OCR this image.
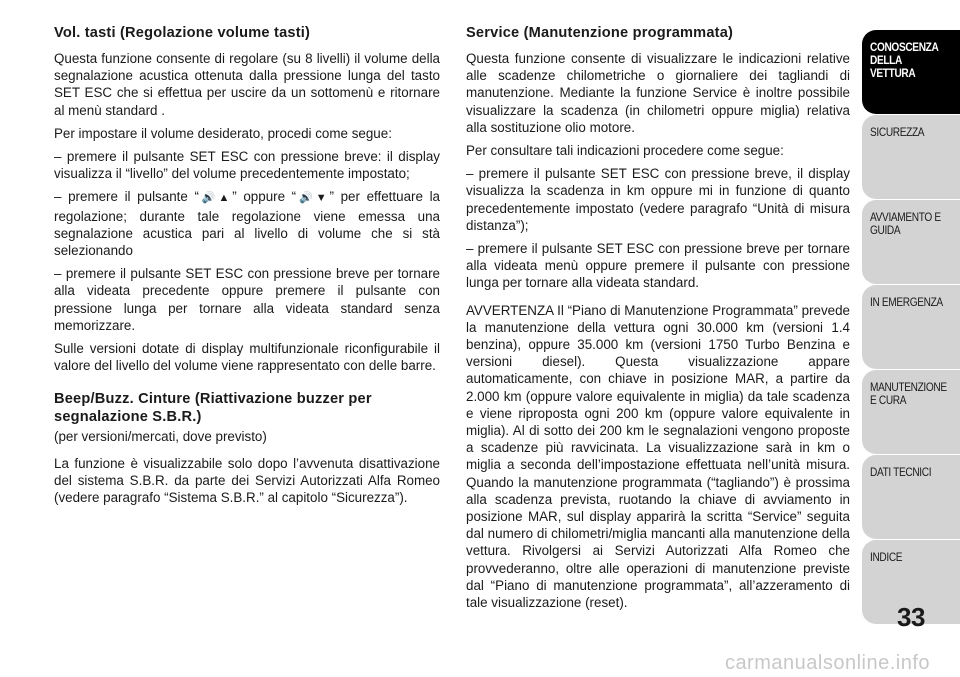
Vol. tasti (Regolazione volume tasti)

Questa funzione consente di regolare (su 8 livelli) il volume della segnalazione acustica ottenuta dalla pressione lunga del tasto SET ESC che si effettua per uscire da un sottomenù e ritornare al menù standard .

Per impostare il volume desiderato, procedi come segue:

– premere il pulsante SET ESC con pressione breve: il display visualizza il “livello” del volume precedentemente impostato;

– premere il pulsante “🔊▲” oppure “🔊▼” per effettuare la regolazione; durante tale regolazione viene emessa una segnalazione acustica pari al livello di volume che si stà selezionando

– premere il pulsante SET ESC con pressione breve per tornare alla videata precedente oppure premere il pulsante con pressione lunga per tornare alla videata standard senza memorizzare.

Sulle versioni dotate di display multifunzionale riconfigurabile il valore del livello del volume viene rappresentato con delle barre.

Beep/Buzz. Cinture (Riattivazione buzzer per segnalazione S.B.R.)

(per versioni/mercati, dove previsto)

La funzione è visualizzabile solo dopo l’avvenuta disattivazione del sistema S.B.R. da parte dei Servizi Autorizzati Alfa Romeo (vedere paragrafo “Sistema S.B.R.” al capitolo “Sicurezza”).

Service (Manutenzione programmata)

Questa funzione consente di visualizzare le indicazioni relative alle scadenze chilometriche o giornaliere dei tagliandi di manutenzione. Mediante la funzione Service è inoltre possibile visualizzare la scadenza (in chilometri oppure miglia) relativa alla sostituzione olio motore.

Per consultare tali indicazioni procedere come segue:

– premere il pulsante SET ESC con pressione breve, il display visualizza la scadenza in km oppure mi in funzione di quanto precedentemente impostato (vedere paragrafo “Unità di misura distanza”);

– premere il pulsante SET ESC con pressione breve per tornare alla videata menù oppure premere il pulsante con pressione lunga per tornare alla videata standard.

AVVERTENZA Il “Piano di Manutenzione Programmata” prevede la manutenzione della vettura ogni 30.000 km (versioni 1.4 benzina), oppure 35.000 km (versioni 1750 Turbo Benzina e versioni diesel). Questa visualizzazione appare automaticamente, con chiave in posizione MAR, a partire da 2.000 km (oppure valore equivalente in miglia) da tale scadenza e viene riproposta ogni 200 km (oppure valore equivalente in miglia). Al di sotto dei 200 km le segnalazioni vengono proposte a scadenze più ravvicinata. La visualizzazione sarà in km o miglia a seconda dell’impostazione effettuata nell’unità misura. Quando la manutenzione programmata (“tagliando”) è prossima alla scadenza prevista, ruotando la chiave di avviamento in posizione MAR, sul display apparirà la scritta “Service” seguita dal numero di chilometri/miglia mancanti alla manutenzione della vettura. Rivolgersi ai Servizi Autorizzati Alfa Romeo che provvederanno, oltre alle operazioni di manutenzione previste dal “Piano di manutenzione programmata”, all’azzeramento di tale visualizzazione (reset).

CONOSCENZA DELLA VETTURA
SICUREZZA
AVVIAMENTO E GUIDA
IN EMERGENZA
MANUTENZIONE E CURA
DATI TECNICI
INDICE
33
carmanualsonline.info
